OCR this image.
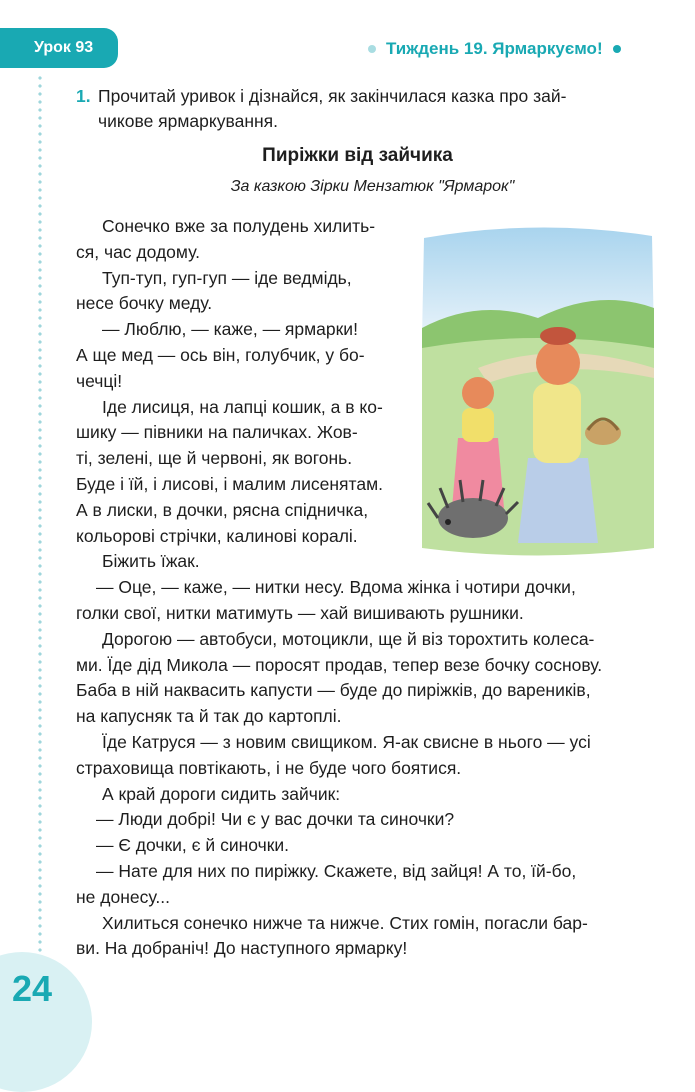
24
Урок 93	Тиждень 19. Ярмаркуємо!
1. Прочитай уривок і дізнайся, як закінчилася казка про зай-
чикове ярмаркування.
Пиріжки від зайчика
За казкою Зірки Мензатюк "Ярмарок"
Сонечко вже за полудень хилить-
ся, час додому.
Туп-туп, гуп-гуп — іде ведмідь,
несе бочку меду.
— Люблю, — каже, — ярмарки!
А ще мед — ось він, голубчик, у бо-
чечці!
Іде лисиця, на лапці кошик, а в ко-
шику — півники на паличках. Жов-
ті, зелені, ще й червоні, як вогонь.
Буде і їй, і лисові, і малим лисенятам.
А в лиски, в дочки, рясна спідничка,
кольорові стрічки, калинові коралі.
Біжить їжак.
— Оце, — каже, — нитки несу. Вдома жінка і чотири дочки,
голки свої, нитки матимуть — хай вишивають рушники.
Дорогою — автобуси, мотоцикли, ще й віз торохтить колеса-
ми. Їде дід Микола — поросят продав, тепер везе бочку соснову.
Баба в ній наквасить капусти — буде до пиріжків, до вареників,
на капусняк та й так до картоплі.
Їде Катруся — з новим свищиком. Я-ак свисне в нього — усі
страховища повтікають, і не буде чого боятися.
А край дороги сидить зайчик:
— Люди добрі! Чи є у вас дочки та синочки?
— Є дочки, є й синочки.
— Нате для них по пиріжку. Скажете, від зайця! А то, їй-бо,
не донесу...
Хилиться сонечко нижче та нижче. Стих гомін, погасли бар-
ви. На добраніч! До наступного ярмарку!
